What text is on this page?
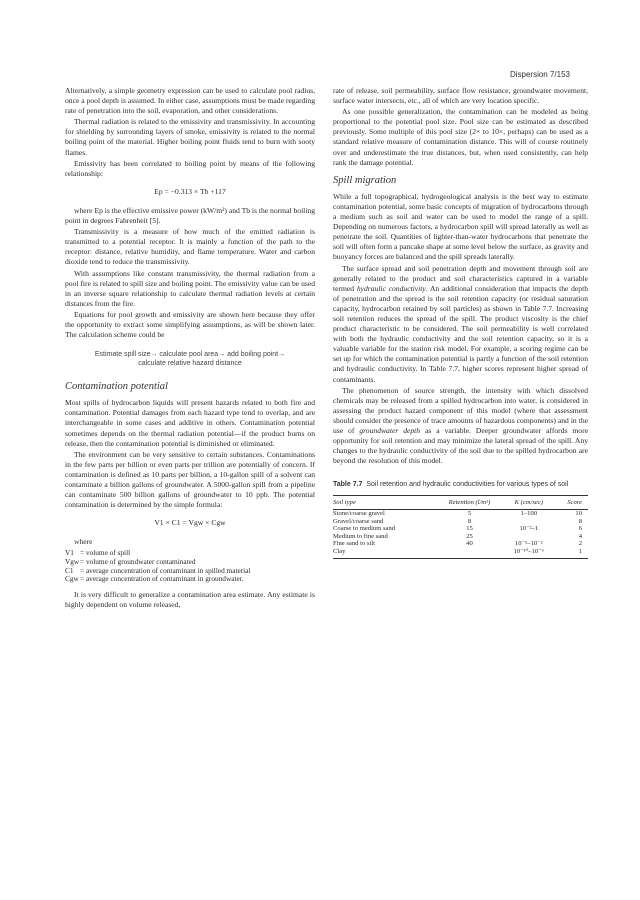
Dispersion 7/153

Alternatively, a simple geometry expression can be used to calculate pool radius, once a pool depth is assumed. In either case, assumptions must be made regarding rate of penetration into the soil, evaporation, and other considerations.

Thermal radiation is related to the emissivity and transmissivity. In accounting for shielding by surrounding layers of smoke, emissivity is related to the normal boiling point of the material. Higher boiling point fluids tend to burn with sooty flames.

Emissivity has been correlated to boiling point by means of the following relationship:

Ep = −0.313 × Tb +117

where Ep is the effective emissive power (kW/m²) and Tb is the normal boiling point in degrees Fahrenheit [5].

Transmissivity is a measure of how much of the emitted radiation is transmitted to a potential receptor. It is mainly a function of the path to the receptor: distance, relative humidity, and flame temperature. Water and carbon dioxide tend to reduce the transmissivity.

With assumptions like constant transmissivity, the thermal radiation from a pool fire is related to spill size and boiling point. The emissivity value can be used in an inverse square relationship to calculate thermal radiation levels at certain distances from the fire.

Equations for pool growth and emissivity are shown here because they offer the opportunity to extract some simplifying assumptions, as will be shown later. The calculation scheme could be

Estimate spill size→ calculate pool area→ add boiling point→
calculate relative hazard distance
Contamination potential

Most spills of hydrocarbon liquids will present hazards related to both fire and contamination. Potential damages from each hazard type tend to overlap, and are interchangeable in some cases and additive in others. Contamination potential sometimes depends on the thermal radiation potential—if the product burns on release, then the contamination potential is diminished or eliminated.

The environment can be very sensitive to certain substances. Contaminations in the few parts per billion or even parts per trillion are potentially of concern. If contamination is defined as 10 parts per billion, a 10-gallon spill of a solvent can contaminate a billion gallons of groundwater. A 5000-gallon spill from a pipeline can contaminate 500 billion gallons of groundwater to 10 ppb. The potential contamination is determined by the simple formula:

V1 × C1 = Vgw × Cgw
where
V1 = volume of spill
Vgw = volume of groundwater contaminated
C1 = average concentration of contaminant in spilled material
Cgw = average concentration of contaminant in groundwater.

It is very difficult to generalize a contamination area estimate. Any estimate is highly dependent on volume released,

rate of release, soil permeability, surface flow resistance, groundwater movement, surface water intersects, etc., all of which are very location specific.

As one possible generalization, the contamination can be modeled as being proportional to the potential pool size. Pool size can be estimated as described previously. Some multiple of this pool size (2× to 10×, perhaps) can be used as a standard relative measure of contamination distance. This will of course routinely over and underestimate the true distances, but, when used consistently, can help rank the damage potential.

Spill migration

While a full topographical, hydrogeological analysis is the best way to estimate contamination potential, some basic concepts of migration of hydrocarbons through a medium such as soil and water can be used to model the range of a spill. Depending on numerous factors, a hydrocarbon spill will spread laterally as well as penetrate the soil. Quantities of lighter-than-water hydrocarbons that penetrate the soil will often form a pancake shape at some level below the surface, as gravity and buoyancy forces are balanced and the spill spreads laterally.

The surface spread and soil penetration depth and movement through soil are generally related to the product and soil characteristics captured in a variable termed hydraulic conductivity. An additional consideration that impacts the depth of penetration and the spread is the soil retention capacity (or residual saturation capacity, hydrocarbon retained by soil particles) as shown in Table 7.7. Increasing soil retention reduces the spread of the spill. The product viscosity is the chief product characteristic to be considered. The soil permeability is well correlated with both the hydraulic conductivity and the soil retention capacity, so it is a valuable variable for the station risk model. For example, a scoring regime can be set up for which the contamination potential is partly a function of the soil retention and hydraulic conductivity. In Table 7.7, higher scores represent higher spread of contaminants.

The phenomenon of source strength, the intensity with which dissolved chemicals may be released from a spilled hydrocarbon into water, is considered in assessing the product hazard component of this model (where that assessment should consider the presence of trace amounts of hazardous components) and in the use of groundwater depth as a variable. Deeper groundwater affords more opportunity for soil retention and may minimize the lateral spread of the spill. Any changes to the hydraulic conductivity of the soil due to the spilled hydrocarbon are beyond the resolution of this model.

Table 7.7 Soil retention and hydraulic conductivities for various types of soil
Soil type	Retention (l/m³)	K (cm/sec)	Score
Stone/coarse gravel	5	1–100	10
Gravel/coarse sand	8		8
Coarse to medium sand	15	10⁻²–1	6
Medium to fine sand	25		4
Fine sand to silt	40	10⁻⁵–10⁻²	2
Clay		10⁻¹⁰–10⁻⁶	1
